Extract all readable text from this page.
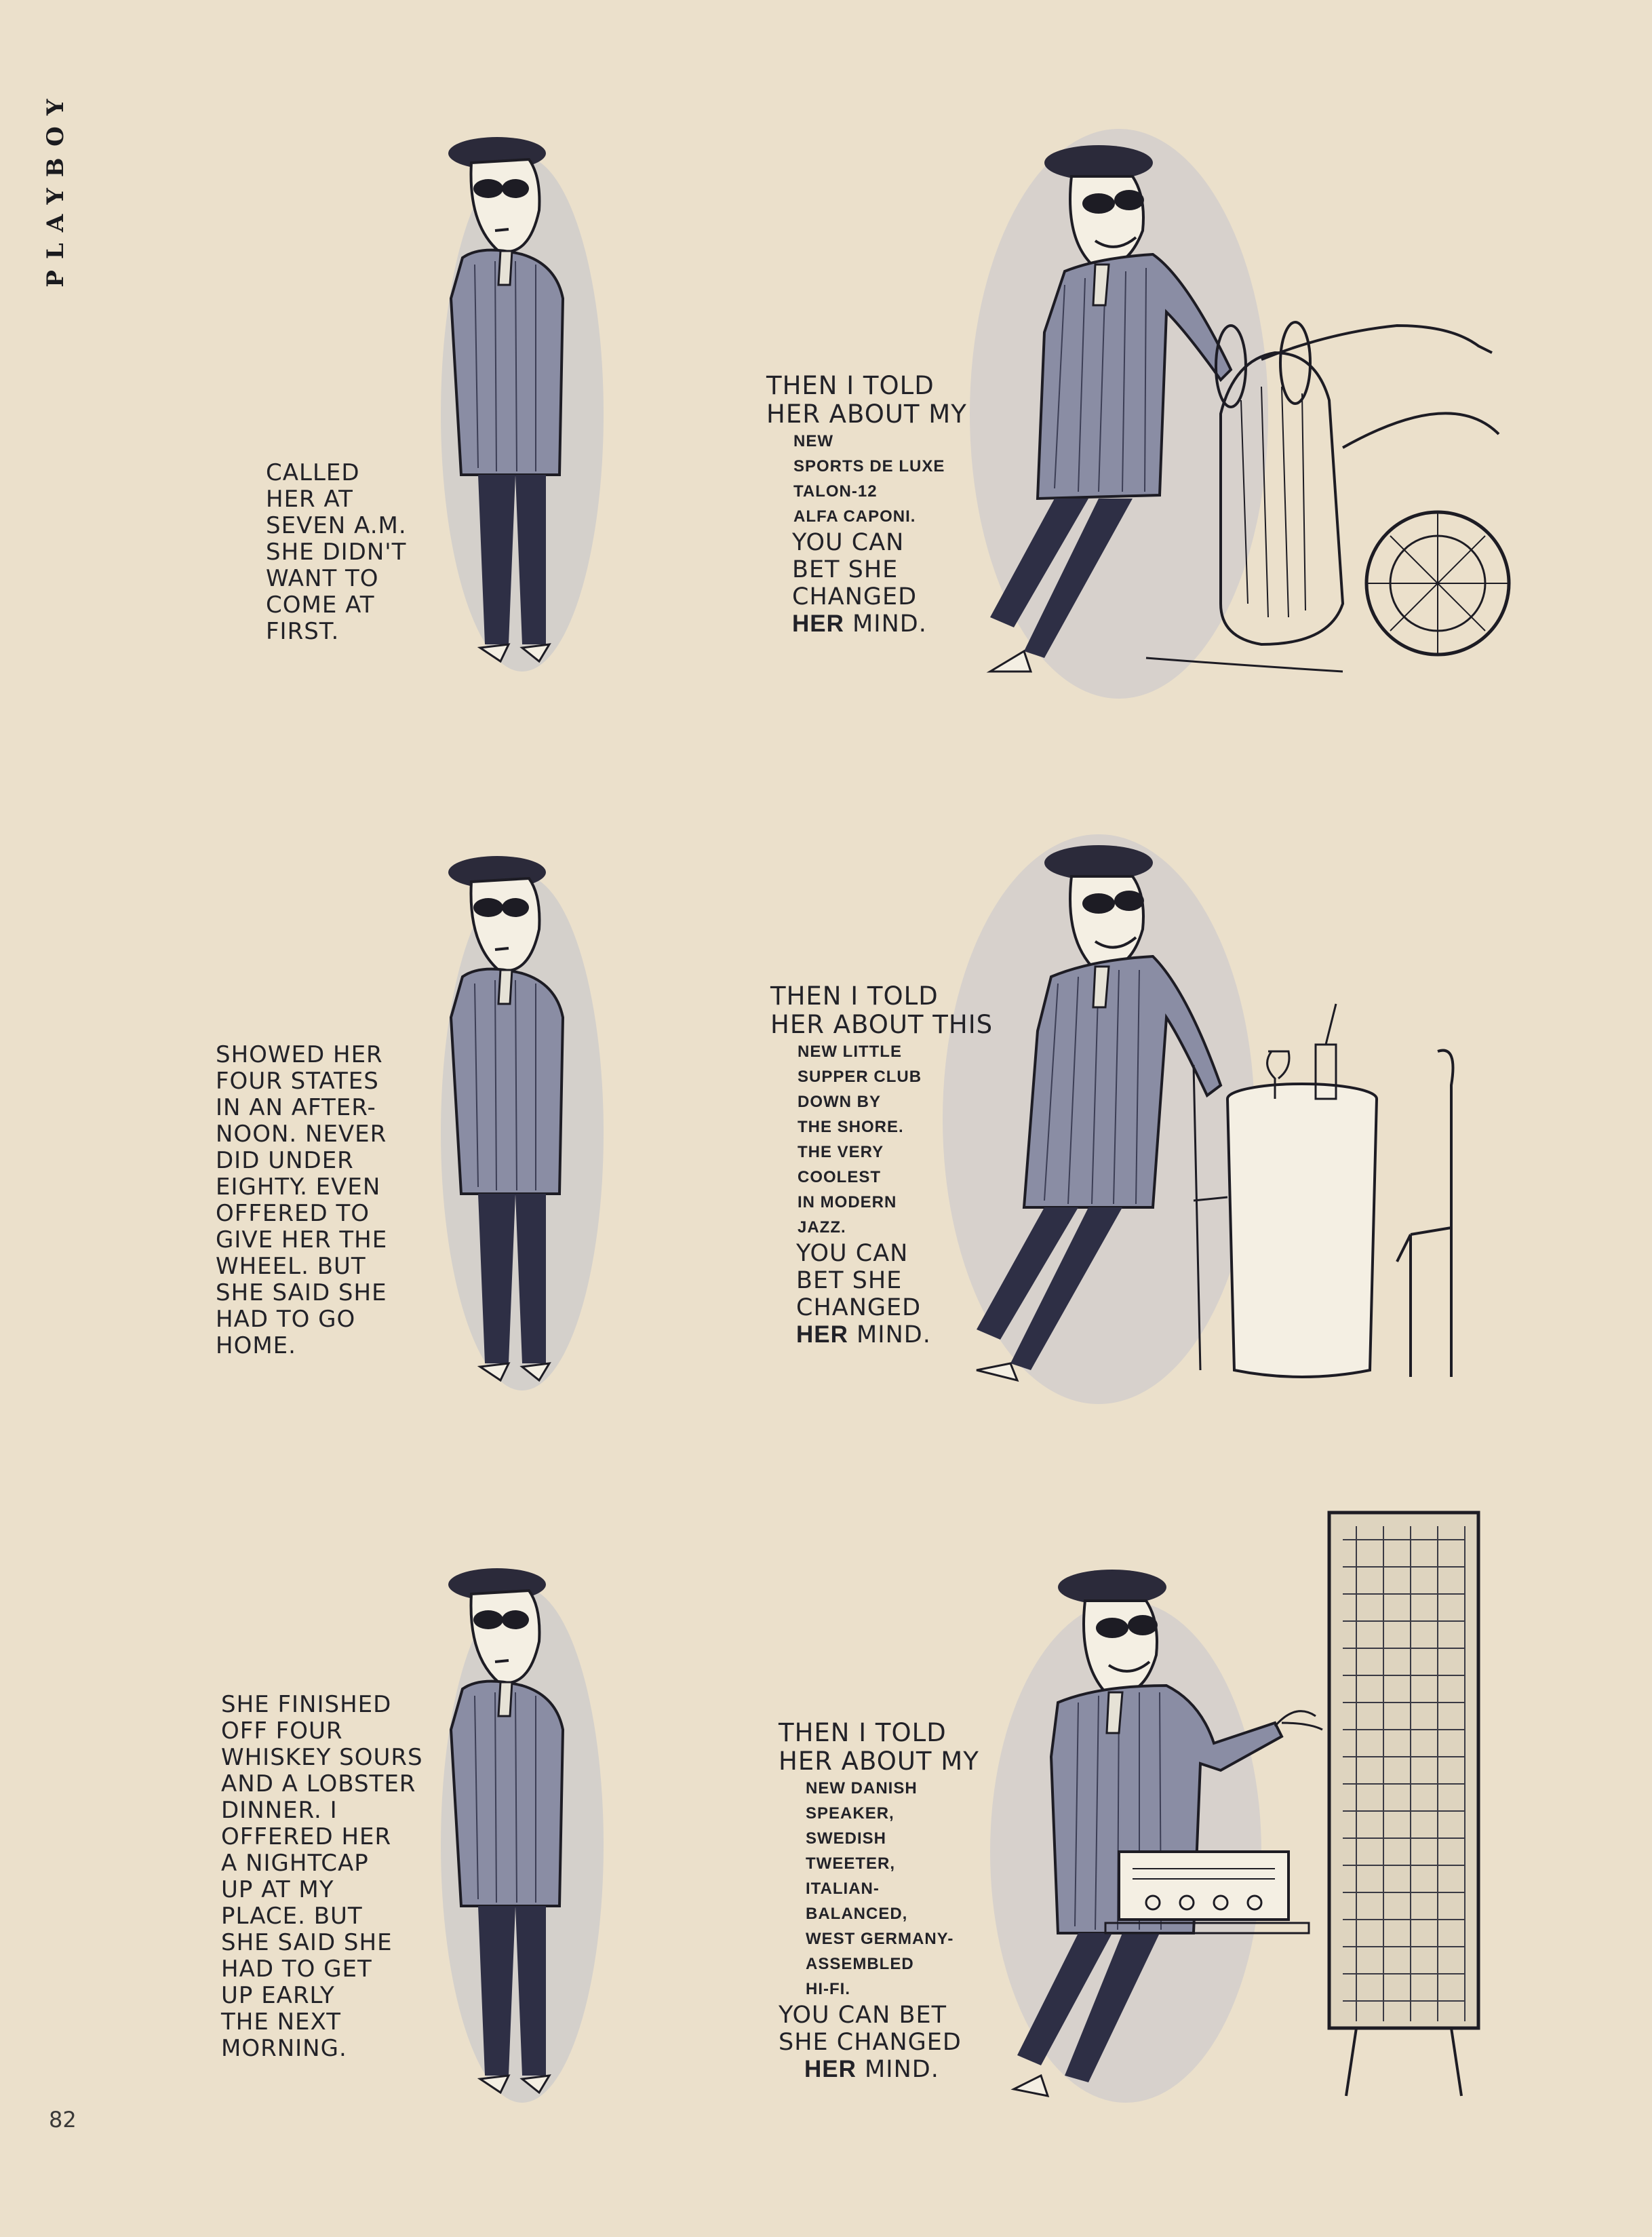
PLAYBOY
82
CALLED
HER AT
SEVEN A.M.
SHE DIDN'T
WANT TO
COME AT
FIRST.
THEN I TOLD
HER ABOUT MY
NEW
SPORTS DE LUXE
TALON-12
ALFA CAPONI.
YOU CAN
BET SHE
CHANGED
HER MIND.
SHOWED HER
FOUR STATES
IN AN AFTER-
NOON. NEVER
DID UNDER
EIGHTY. EVEN
OFFERED TO
GIVE HER THE
WHEEL. BUT
SHE SAID SHE
HAD TO GO
HOME.
THEN I TOLD
HER ABOUT THIS
NEW LITTLE
SUPPER CLUB
DOWN BY
THE SHORE.
THE VERY
COOLEST
IN MODERN
JAZZ.
YOU CAN
BET SHE
CHANGED
HER MIND.
SHE FINISHED
OFF FOUR
WHISKEY SOURS
AND A LOBSTER
DINNER. I
OFFERED HER
A NIGHTCAP
UP AT MY
PLACE. BUT
SHE SAID SHE
HAD TO GET
UP EARLY
THE NEXT
MORNING.
THEN I TOLD
HER ABOUT MY
NEW DANISH
SPEAKER,
SWEDISH
TWEETER,
ITALIAN-
BALANCED,
WEST GERMANY-
ASSEMBLED
HI-FI.
YOU CAN BET
SHE CHANGED
HER MIND.
